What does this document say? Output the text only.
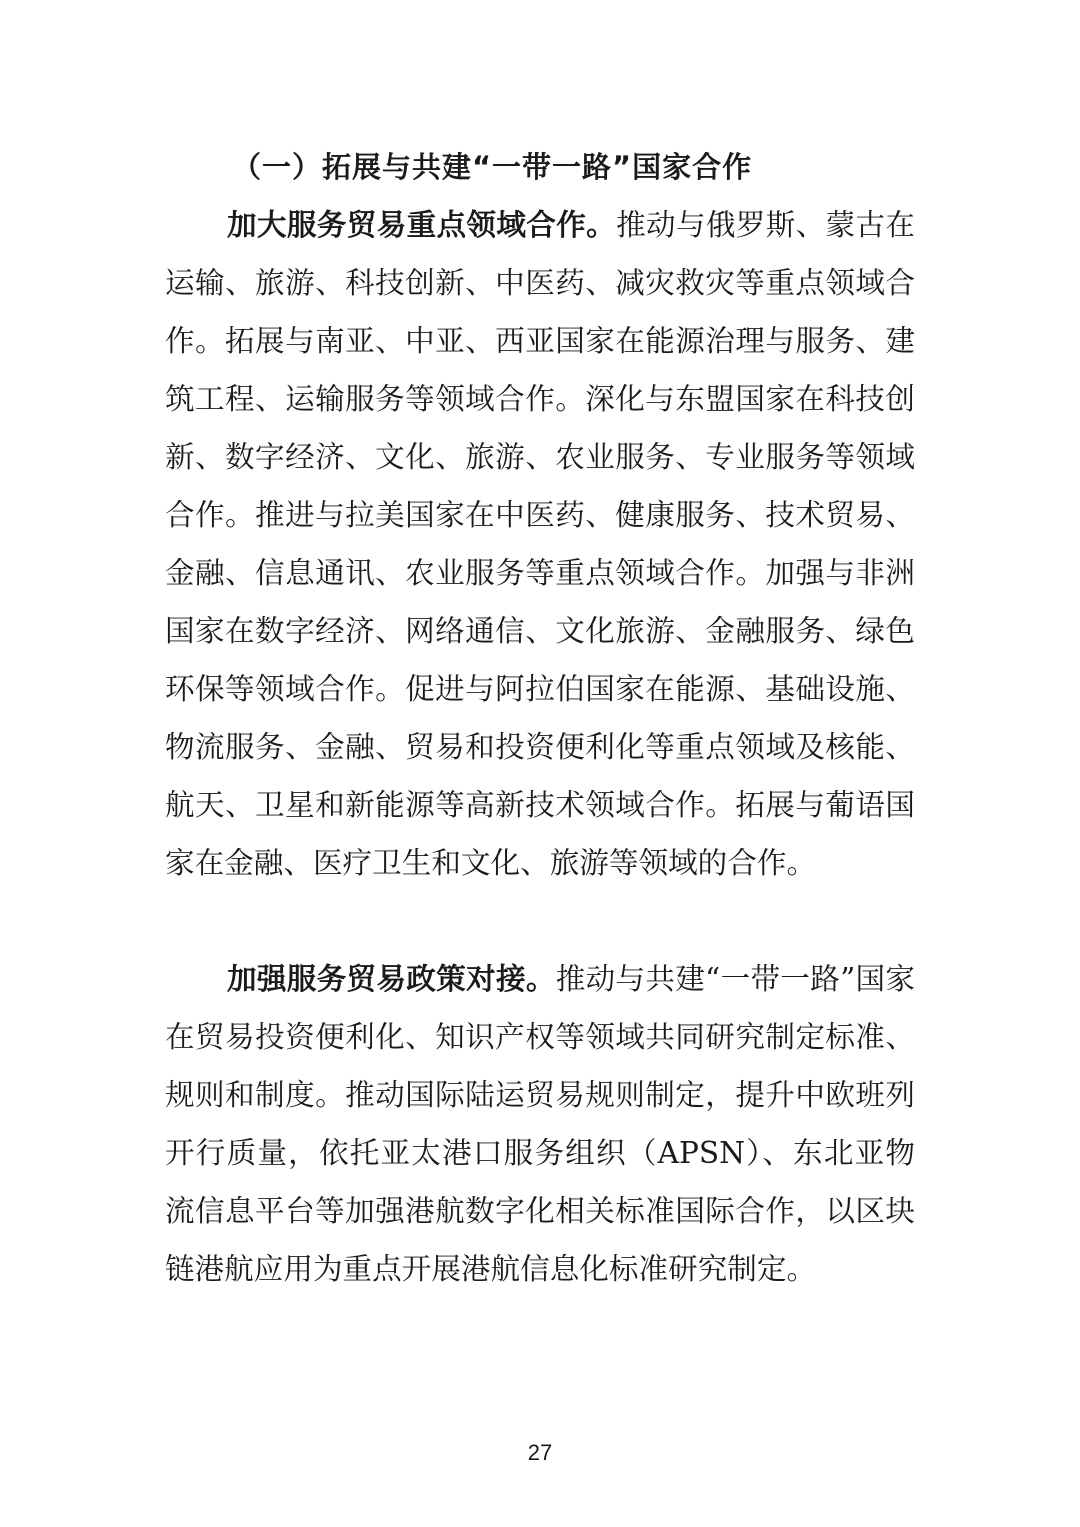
（一）拓展与共建“一带一路”国家合作

加大服务贸易重点领域合作。推动与俄罗斯、蒙古在运输、旅游、科技创新、中医药、减灾救灾等重点领域合作。拓展与南亚、中亚、西亚国家在能源治理与服务、建筑工程、运输服务等领域合作。深化与东盟国家在科技创新、数字经济、文化、旅游、农业服务、专业服务等领域合作。推进与拉美国家在中医药、健康服务、技术贸易、金融、信息通讯、农业服务等重点领域合作。加强与非洲国家在数字经济、网络通信、文化旅游、金融服务、绿色环保等领域合作。促进与阿拉伯国家在能源、基础设施、物流服务、金融、贸易和投资便利化等重点领域及核能、航天、卫星和新能源等高新技术领域合作。拓展与葡语国家在金融、医疗卫生和文化、旅游等领域的合作。

加强服务贸易政策对接。推动与共建“一带一路”国家在贸易投资便利化、知识产权等领域共同研究制定标准、规则和制度。推动国际陆运贸易规则制定，提升中欧班列开行质量，依托亚太港口服务组织（APSN）、东北亚物流信息平台等加强港航数字化相关标准国际合作，以区块链港航应用为重点开展港航信息化标准研究制定。

27
